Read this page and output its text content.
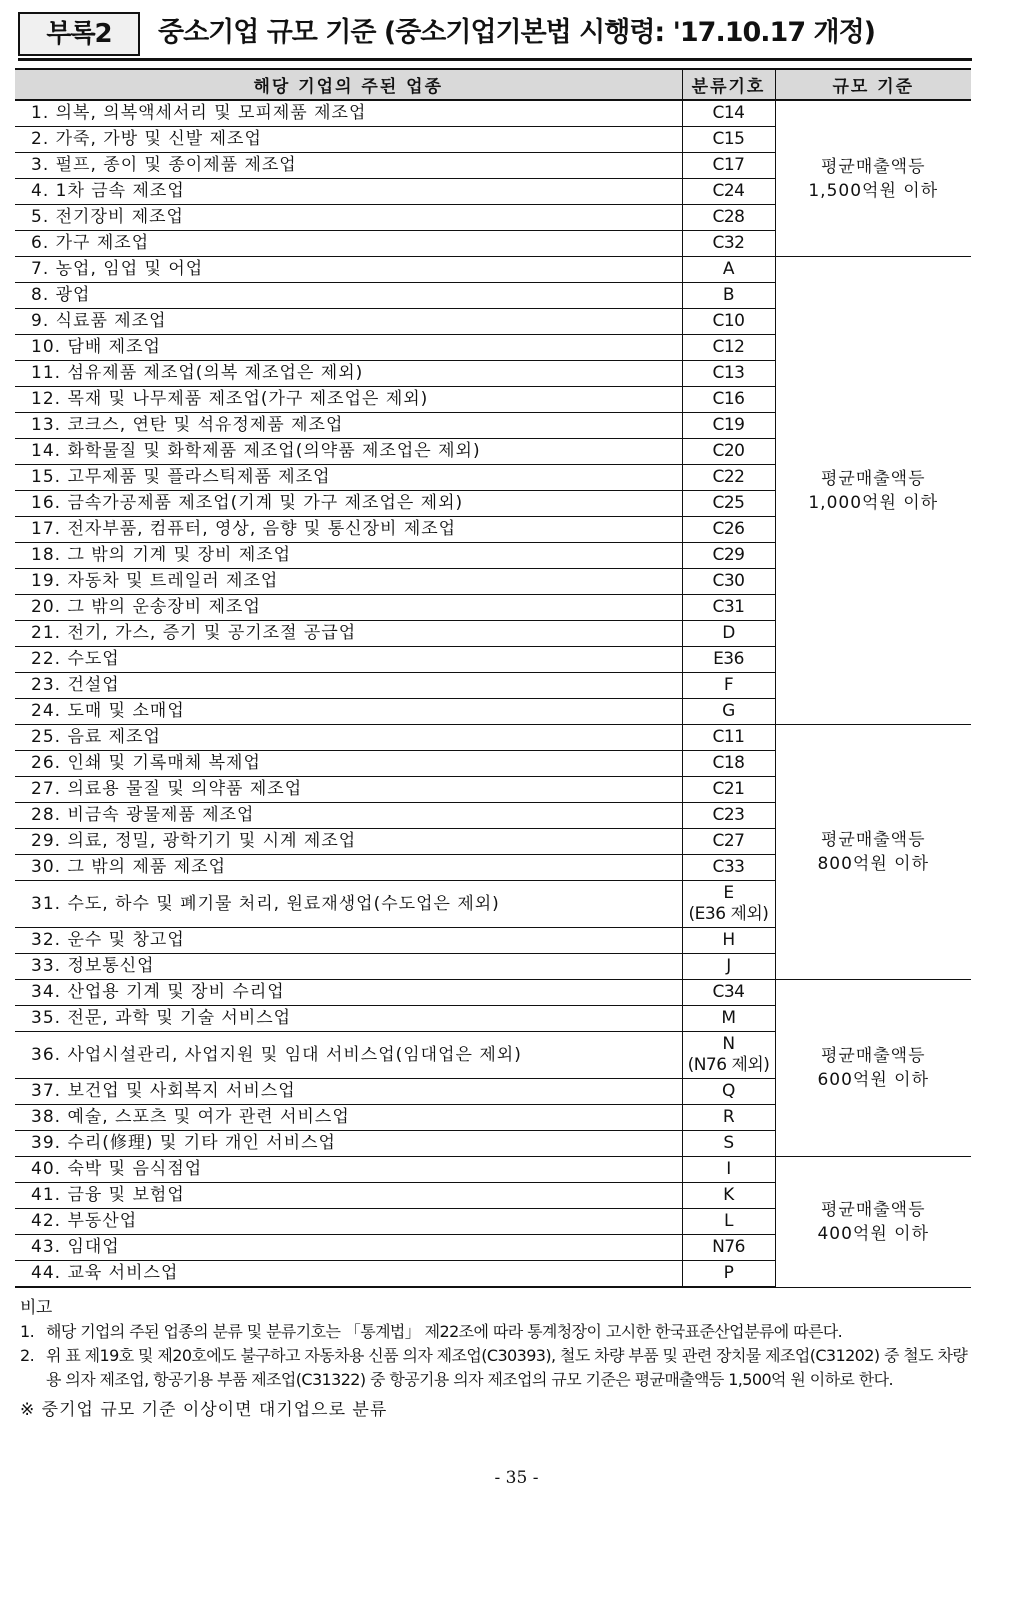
부록2	중소기업 규모 기준 (중소기업기본법 시행령: '17.10.17 개정)
해당 기업의 주된 업종	분류기호	규모 기준
1. 의복, 의복액세서리 및 모피제품 제조업	C14	평균매출액등
1,500억원 이하

2. 가죽, 가방 및 신발 제조업	C15	
3. 펄프, 종이 및 종이제품 제조업	C17	
4. 1차 금속 제조업	C24	
5. 전기장비 제조업	C28	
6. 가구 제조업	C32	
7. 농업, 임업 및 어업	A	평균매출액등
1,000억원 이하

8. 광업	B	
9. 식료품 제조업	C10	
10. 담배 제조업	C12	
11. 섬유제품 제조업(의복 제조업은 제외)	C13	
12. 목재 및 나무제품 제조업(가구 제조업은 제외)	C16	
13. 코크스, 연탄 및 석유정제품 제조업	C19	
14. 화학물질 및 화학제품 제조업(의약품 제조업은 제외)	C20	
15. 고무제품 및 플라스틱제품 제조업	C22	
16. 금속가공제품 제조업(기계 및 가구 제조업은 제외)	C25	
17. 전자부품, 컴퓨터, 영상, 음향 및 통신장비 제조업	C26	
18. 그 밖의 기계 및 장비 제조업	C29	
19. 자동차 및 트레일러 제조업	C30	
20. 그 밖의 운송장비 제조업	C31	
21. 전기, 가스, 증기 및 공기조절 공급업	D	
22. 수도업	E36	
23. 건설업	F	
24. 도매 및 소매업	G	
25. 음료 제조업	C11	평균매출액등
800억원 이하

26. 인쇄 및 기록매체 복제업	C18	
27. 의료용 물질 및 의약품 제조업	C21	
28. 비금속 광물제품 제조업	C23	
29. 의료, 정밀, 광학기기 및 시계 제조업	C27	
30. 그 밖의 제품 제조업	C33	
31. 수도, 하수 및 폐기물 처리, 원료재생업(수도업은 제외)	E
(E36 제외)	

32. 운수 및 창고업	H	
33. 정보통신업	J	
34. 산업용 기계 및 장비 수리업	C34	평균매출액등
600억원 이하

35. 전문, 과학 및 기술 서비스업	M	
36. 사업시설관리, 사업지원 및 임대 서비스업(임대업은 제외)	N
(N76 제외)	

37. 보건업 및 사회복지 서비스업	Q	
38. 예술, 스포츠 및 여가 관련 서비스업	R	
39. 수리(修理) 및 기타 개인 서비스업	S	
40. 숙박 및 음식점업	I	평균매출액등
400억원 이하

41. 금융 및 보험업	K	
42. 부동산업	L	
43. 임대업	N76	
44. 교육 서비스업	P	
비고
1. 해당 기업의 주된 업종의 분류 및 분류기호는 「통계법」 제22조에 따라 통계청장이 고시한 한국표준산업분류에 따른다.
2. 위 표 제19호 및 제20호에도 불구하고 자동차용 신품 의자 제조업(C30393), 철도 차량 부품 및 관련 장치물 제조업(C31202) 중 철도 차량용 의자 제조업, 항공기용 부품 제조업(C31322) 중 항공기용 의자 제조업의 규모 기준은 평균매출액등 1,500억 원 이하로 한다.
※ 중기업 규모 기준 이상이면 대기업으로 분류
- 35 -
